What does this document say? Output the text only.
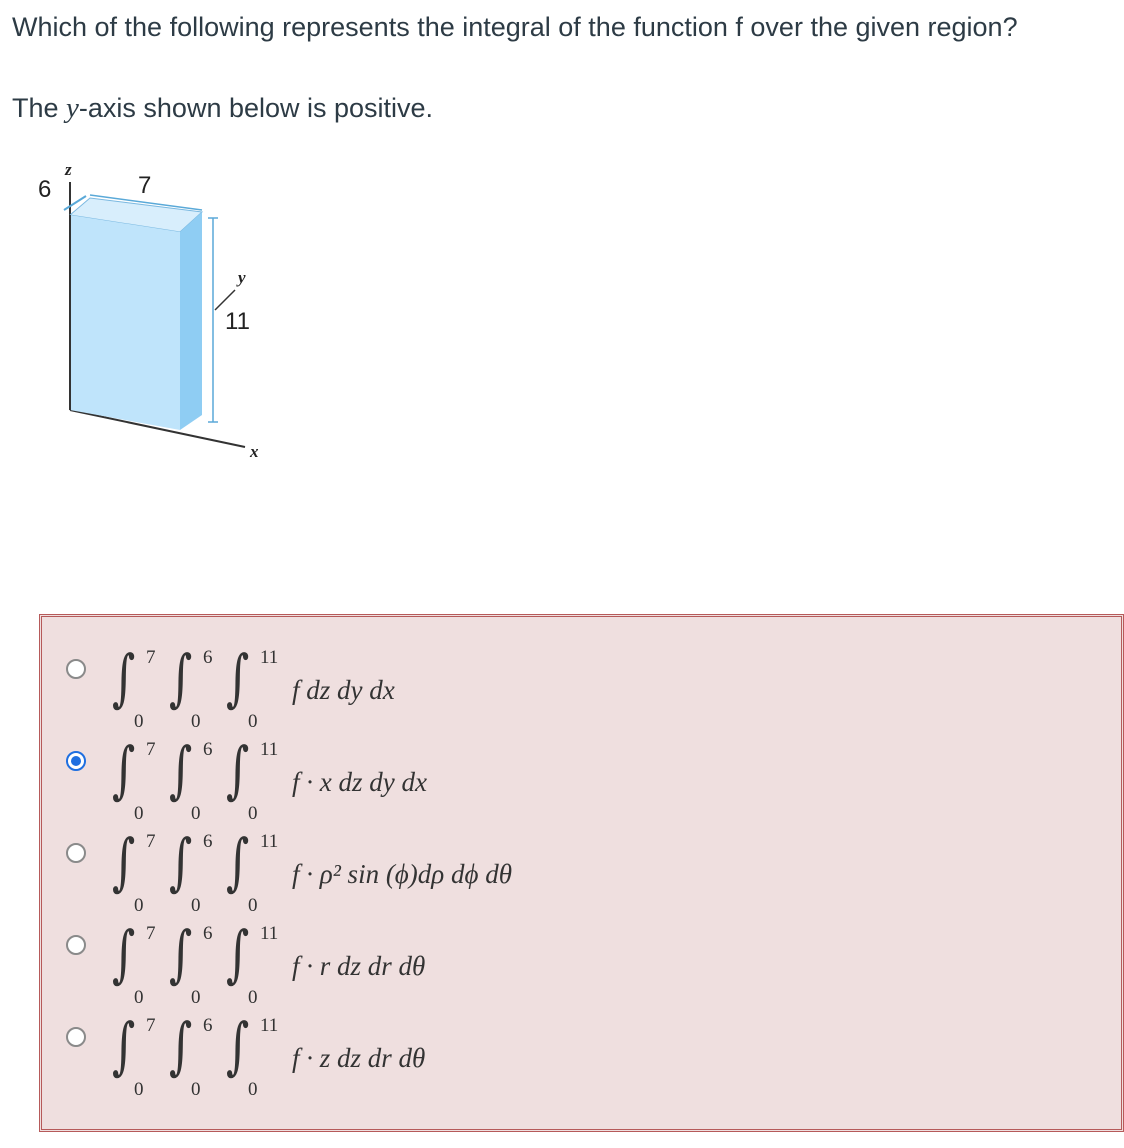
Which of the following represents the integral of the function f over the given region?
The y-axis shown below is positive.
z
y
x
6	7
11
∫ 7
0
∫ 6
0
∫ 11
0
f dz dy dx
∫ 7
0
∫ 6
0
∫ 11
0
f · x dz dy dx
∫ 7
0
∫ 6
0
∫ 11
0
f · ρ² sin (ϕ)dρ dϕ dθ
∫ 7
0
∫ 6
0
∫ 11
0
f · r dz dr dθ
∫ 7
0
∫ 6
0
∫ 11
0
f · z dz dr dθ
